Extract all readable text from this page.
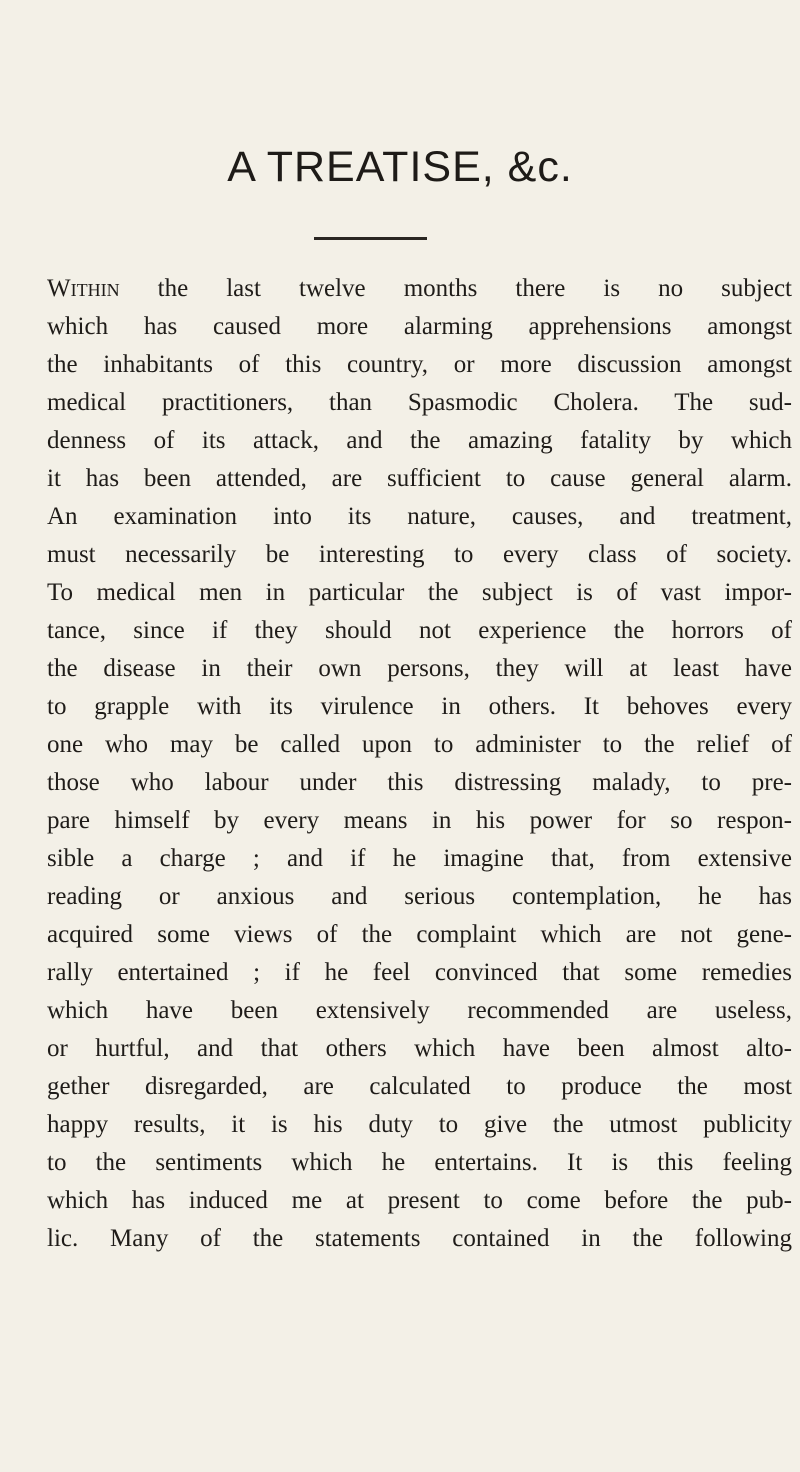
A TREATISE, &c.
Within the last twelve months there is no subject
which has caused more alarming apprehensions amongst
the inhabitants of this country, or more discussion amongst
medical practitioners, than Spasmodic Cholera. The sud-
denness of its attack, and the amazing fatality by which
it has been attended, are sufficient to cause general alarm.
An examination into its nature, causes, and treatment,
must necessarily be interesting to every class of society.
To medical men in particular the subject is of vast impor-
tance, since if they should not experience the horrors of
the disease in their own persons, they will at least have
to grapple with its virulence in others. It behoves every
one who may be called upon to administer to the relief of
those who labour under this distressing malady, to pre-
pare himself by every means in his power for so respon-
sible a charge ; and if he imagine that, from extensive
reading or anxious and serious contemplation, he has
acquired some views of the complaint which are not gene-
rally entertained ; if he feel convinced that some remedies
which have been extensively recommended are useless,
or hurtful, and that others which have been almost alto-
gether disregarded, are calculated to produce the most
happy results, it is his duty to give the utmost publicity
to the sentiments which he entertains. It is this feeling
which has induced me at present to come before the pub-
lic. Many of the statements contained in the following
